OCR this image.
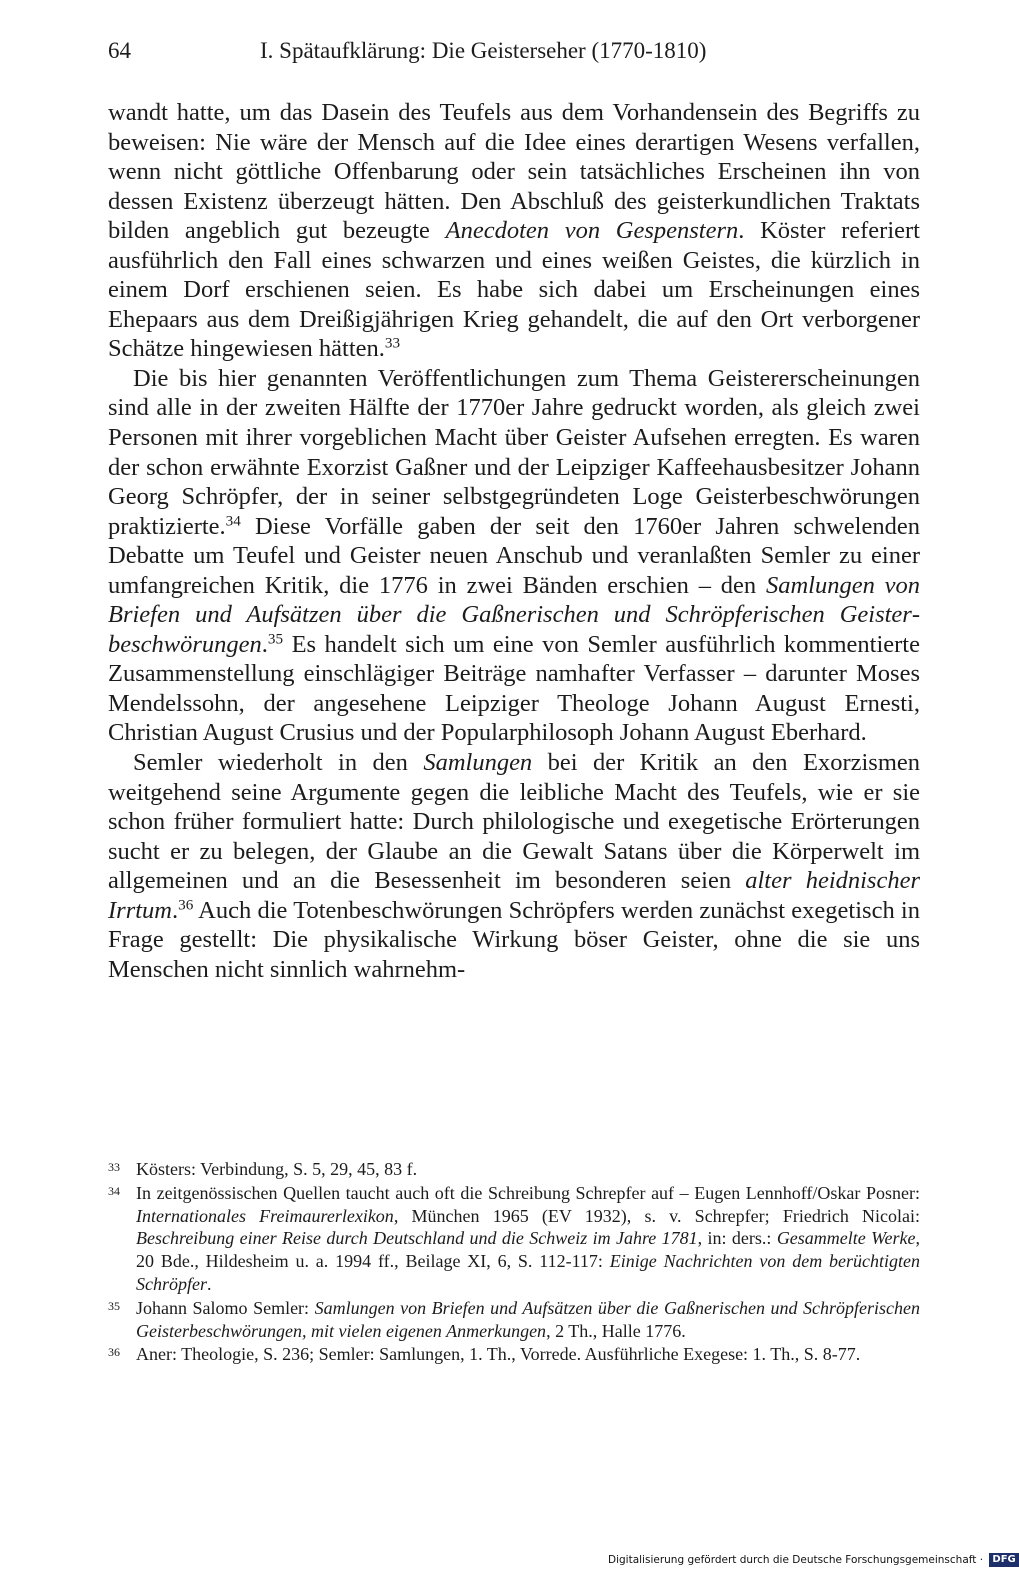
64	I. Spätaufklärung: Die Geisterseher (1770-1810)

wandt hatte, um das Dasein des Teufels aus dem Vorhandensein des Begriffs zu beweisen: Nie wäre der Mensch auf die Idee eines derartigen Wesens verfallen, wenn nicht göttliche Offenbarung oder sein tatsächliches Erscheinen ihn von dessen Existenz überzeugt hätten. Den Abschluß des geisterkundlichen Traktats bilden angeblich gut bezeugte Anecdoten von Gespenstern. Köster referiert ausführlich den Fall eines schwarzen und eines weißen Geistes, die kürzlich in einem Dorf erschienen seien. Es habe sich dabei um Erscheinungen eines Ehepaars aus dem Dreißigjährigen Krieg gehandelt, die auf den Ort verborgener Schätze hingewiesen hätten.$^{33}$

Die bis hier genannten Veröffentlichungen zum Thema Geistererscheinungen sind alle in der zweiten Hälfte der 1770er Jahre gedruckt worden, als gleich zwei Personen mit ihrer vorgeblichen Macht über Geister Aufsehen erregten. Es waren der schon erwähnte Exorzist Gaßner und der Leipziger Kaffeehausbesitzer Johann Georg Schröpfer, der in seiner selbstgegründeten Loge Geisterbeschwörungen praktizierte.$^{34}$ Diese Vorfälle gaben der seit den 1760er Jahren schwelenden Debatte um Teufel und Geister neuen Anschub und veranlaßten Semler zu einer umfangreichen Kritik, die 1776 in zwei Bänden erschien – den Samlungen von Briefen und Aufsätzen über die Gaßnerischen und Schröpferischen Geisterbeschwörungen.$^{35}$ Es handelt sich um eine von Semler ausführlich kommentierte Zusammenstellung einschlägiger Beiträge namhafter Verfasser – darunter Moses Mendelssohn, der angesehene Leipziger Theologe Johann August Ernesti, Christian August Crusius und der Popularphilosoph Johann August Eberhard.

Semler wiederholt in den Samlungen bei der Kritik an den Exorzismen weitgehend seine Argumente gegen die leibliche Macht des Teufels, wie er sie schon früher formuliert hatte: Durch philologische und exegetische Erörterungen sucht er zu belegen, der Glaube an die Gewalt Satans über die Körperwelt im allgemeinen und an die Besessenheit im besonderen seien alter heidnischer Irrtum.$^{36}$ Auch die Totenbeschwörungen Schröpfers werden zunächst exegetisch in Frage gestellt: Die physikalische Wirkung böser Geister, ohne die sie uns Menschen nicht sinnlich wahrnehm-

33 Kösters: Verbindung, S. 5, 29, 45, 83 f.

34 In zeitgenössischen Quellen taucht auch oft die Schreibung Schrepfer auf – Eugen Lennhoff/Oskar Posner: Internationales Freimaurerlexikon, München 1965 (EV 1932), s. v. Schrepfer; Friedrich Nicolai: Beschreibung einer Reise durch Deutschland und die Schweiz im Jahre 1781, in: ders.: Gesammelte Werke, 20 Bde., Hildesheim u. a. 1994 ff., Beilage XI, 6, S. 112-117: Einige Nachrichten von dem berüchtigten Schröpfer.

35 Johann Salomo Semler: Samlungen von Briefen und Aufsätzen über die Gaßnerischen und Schröpferischen Geisterbeschwörungen, mit vielen eigenen Anmerkungen, 2 Th., Halle 1776.

36 Aner: Theologie, S. 236; Semler: Samlungen, 1. Th., Vorrede. Ausführliche Exegese: 1. Th., S. 8-77.

Digitalisierung gefördert durch die Deutsche Forschungsgemeinschaft · DFG
